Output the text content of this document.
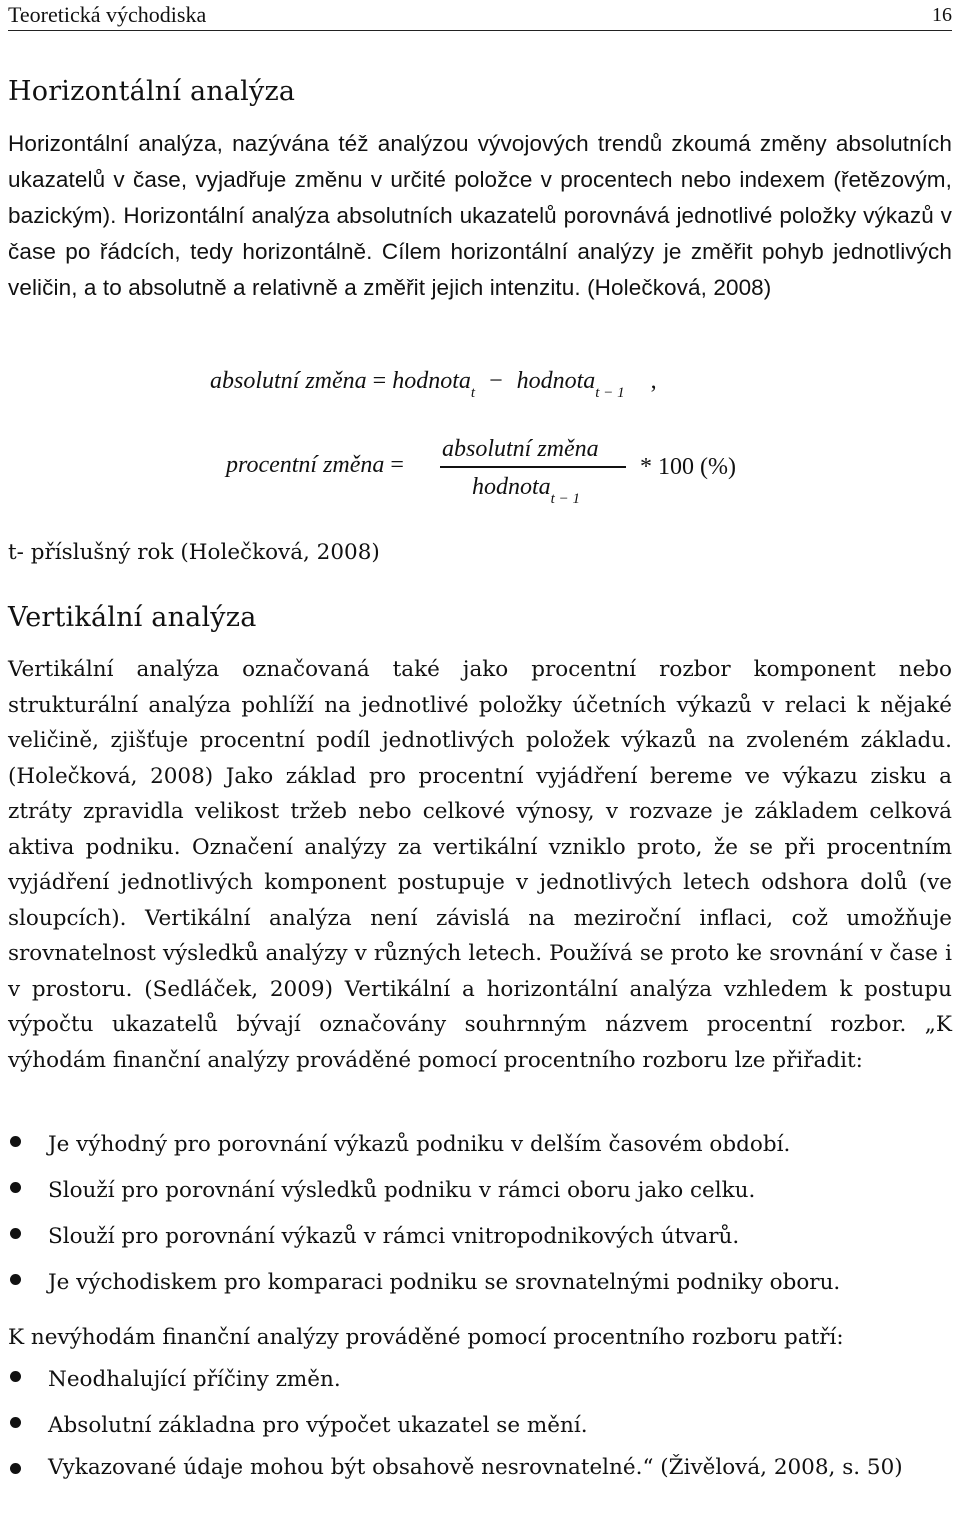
Teoretická východiska	16
Horizontální analýza

Horizontální analýza, nazývána též analýzou vývojových trendů zkoumá změny absolutních ukazatelů v čase, vyjadřuje změnu v určité položce v procentech nebo indexem (řetězovým, bazickým). Horizontální analýza absolutních ukazatelů porovnává jednotlivé položky výkazů v čase po řádcích, tedy horizontálně. Cílem horizontální analýzy je změřit pohyb jednotlivých veličin, a to absolutně a relativně a změřit jejich intenzitu. (Holečková, 2008)

absolutní změna = hodnota$_t$ − hodnota$_{t - 1}$ ,
procentní změna =
absolutní změna
hodnota$_{t - 1}$
* 100 (%)
t- příslušný rok (Holečková, 2008)
Vertikální analýza

Vertikální analýza označovaná také jako procentní rozbor komponent nebo strukturální analýza pohlíží na jednotlivé položky účetních výkazů v relaci k nějaké veličině, zjišťuje procentní podíl jednotlivých položek výkazů na zvoleném základu. (Holečková, 2008) Jako základ pro procentní vyjádření bereme ve výkazu zisku a ztráty zpravidla velikost tržeb nebo celkové výnosy, v rozvaze je základem celková aktiva podniku. Označení analýzy za vertikální vzniklo proto, že se při procentním vyjádření jednotlivých komponent postupuje v jednotlivých letech odshora dolů (ve sloupcích). Vertikální analýza není závislá na meziroční inflaci, což umožňuje srovnatelnost výsledků analýzy v různých letech. Používá se proto ke srovnání v čase i v prostoru. (Sedláček, 2009) Vertikální a horizontální analýza vzhledem k postupu výpočtu ukazatelů bývají označovány souhrnným názvem procentní rozbor. „K výhodám finanční analýzy prováděné pomocí procentního rozboru lze přiřadit:

Je výhodný pro porovnání výkazů podniku v delším časovém období.
Slouží pro porovnání výsledků podniku v rámci oboru jako celku.
Slouží pro porovnání výkazů v rámci vnitropodnikových útvarů.
Je východiskem pro komparaci podniku se srovnatelnými podniky oboru.

K nevýhodám finanční analýzy prováděné pomocí procentního rozboru patří:

Neodhalující příčiny změn.
Absolutní základna pro výpočet ukazatel se mění.
Vykazované údaje mohou být obsahově nesrovnatelné.“ (Živělová, 2008, s. 50)
